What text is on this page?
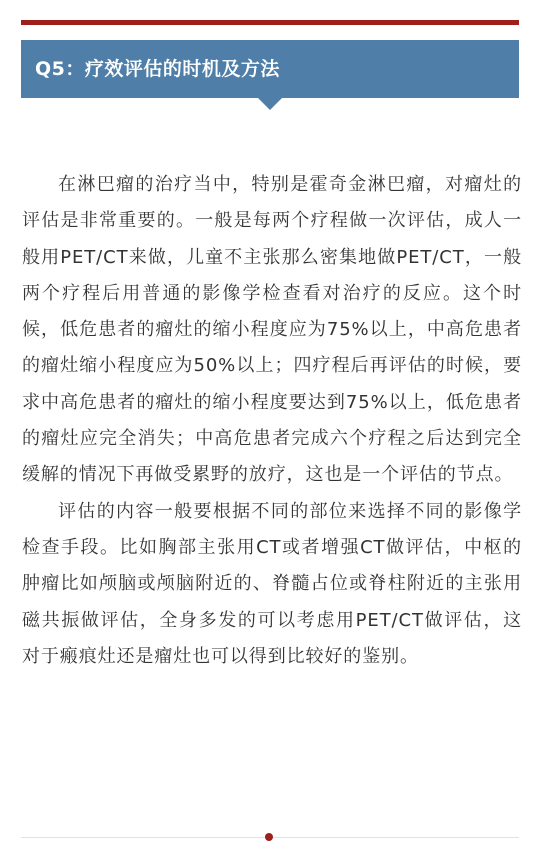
Q5：疗效评估的时机及方法

在淋巴瘤的治疗当中，特别是霍奇金淋巴瘤，对瘤灶的评估是非常重要的。一般是每两个疗程做一次评估，成人一般用PET/CT来做，儿童不主张那么密集地做PET/CT，一般两个疗程后用普通的影像学检查看对治疗的反应。这个时候，低危患者的瘤灶的缩小程度应为75%以上，中高危患者的瘤灶缩小程度应为50%以上；四疗程后再评估的时候，要求中高危患者的瘤灶的缩小程度要达到75%以上，低危患者的瘤灶应完全消失；中高危患者完成六个疗程之后达到完全缓解的情况下再做受累野的放疗，这也是一个评估的节点。

评估的内容一般要根据不同的部位来选择不同的影像学检查手段。比如胸部主张用CT或者增强CT做评估，中枢的肿瘤比如颅脑或颅脑附近的、脊髓占位或脊柱附近的主张用磁共振做评估，全身多发的可以考虑用PET/CT做评估，这对于瘢痕灶还是瘤灶也可以得到比较好的鉴别。
